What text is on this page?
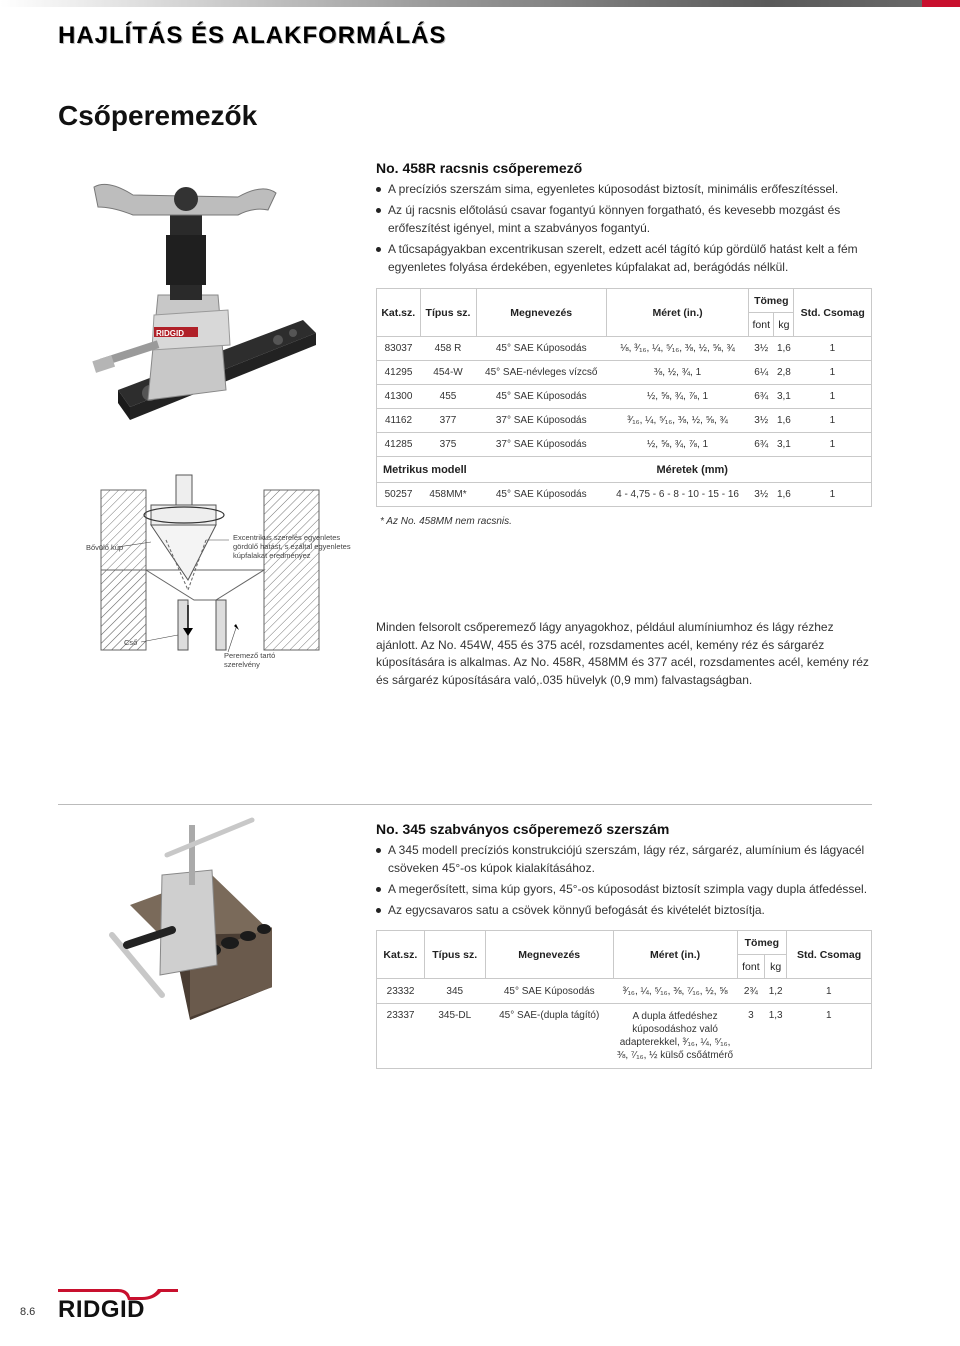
HAJLÍTÁS ÉS ALAKFORMÁLÁS
Csőperemezők
RIDGID
No. 458R racsnis csőperemező
A precíziós szerszám sima, egyenletes kúposodást biztosít, minimális erőfeszítéssel.
Az új racsnis előtolású csavar fogantyú könnyen forgatható, és kevesebb mozgást és erőfeszítést igényel, mint a szabványos fogantyú.
A tűcsapágyakban excentrikusan szerelt, edzett acél tágító kúp gördülő hatást kelt a fém egyenletes folyása érdekében, egyenletes kúpfalakat ad, berágódás nélkül.
Kat.sz.	Típus sz.	Megnevezés	Méret (in.)	Tömeg		Std. Csomag
				font	kg	
83037	458 R	45° SAE Kúposodás	⅛, ³⁄₁₆, ¼, ⁵⁄₁₆, ⅜, ½, ⅝, ¾	3½	1,6	1
41295	454-W	45° SAE-névleges vízcső	⅜, ½, ¾, 1	6¼	2,8	1
41300	455	45° SAE Kúposodás	½, ⅝, ¾, ⅞, 1	6¾	3,1	1
41162	377	37° SAE Kúposodás	³⁄₁₆, ¼, ⁵⁄₁₆, ⅜, ½, ⅝, ¾	3½	1,6	1
41285	375	37° SAE Kúposodás	½, ⅝, ¾, ⅞, 1	6¾	3,1	1
Metrikus modell			Méretek (mm)			
50257	458MM*	45° SAE Kúposodás	4 - 4,75 - 6 - 8 - 10 - 15 - 16	3½	1,6	1
* Az No. 458MM nem racsnis.
Bővülő kúp
Excentrikus szerelés egyenletes gördülő hatást, s ezáltal egyenletes kúpfalakat eredményez
Cső
Peremező tartó szerelvény
Minden felsorolt csőperemező lágy anyagokhoz, például alumíniumhoz és lágy rézhez ajánlott. Az No. 454W, 455 és 375 acél, rozsdamentes acél, kemény réz és sárgaréz kúposítására is alkalmas. Az No. 458R, 458MM és 377 acél, rozsdamentes acél, kemény réz és sárgaréz kúposítására való,.035 hüvelyk (0,9 mm) falvastagságban.
No. 345 szabványos csőperemező szerszám
A 345 modell precíziós konstrukciójú szerszám, lágy réz, sárgaréz, alumínium és lágyacél csöveken 45°-os kúpok kialakításához.
A megerősített, sima kúp gyors, 45°-os kúposodást biztosít szimpla vagy dupla átfedéssel.
Az egycsavaros satu a csövek könnyű befogását és kivételét biztosítja.
Kat.sz.	Típus sz.	Megnevezés	Méret (in.)	Tömeg		Std. Csomag
				font	kg	
23332	345	45° SAE Kúposodás	³⁄₁₆, ¼, ⁵⁄₁₆, ⅜, ⁷⁄₁₆, ½, ⅝	2¾	1,2	1
23337	345-DL	45° SAE-(dupla tágító)	A dupla átfedéshez kúposodáshoz való adapterekkel, ³⁄₁₆, ¼, ⁵⁄₁₆, ⅜, ⁷⁄₁₆, ½ külső csőátmérő	3	1,3	1
8.6 RIDGID
